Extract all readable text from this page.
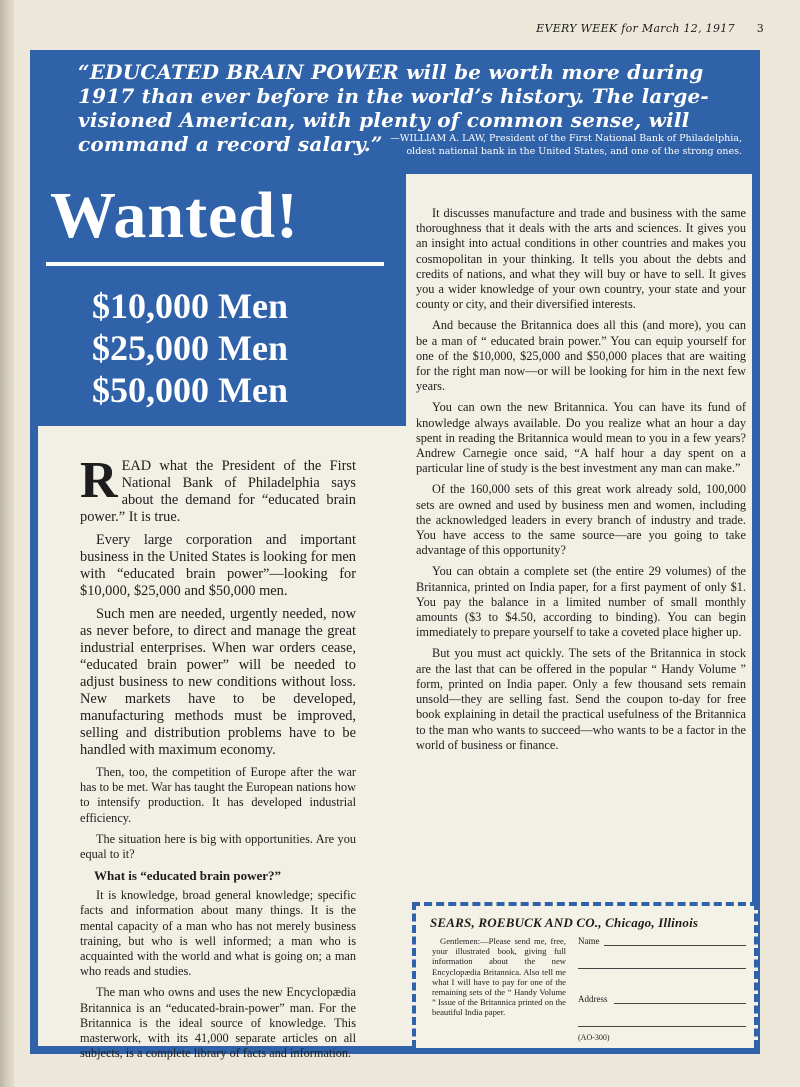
EVERY WEEK for March 12, 1917 3
“EDUCATED BRAIN POWER will be worth more during 1917 than ever before in the world’s history. The large-visioned American, with plenty of common sense, will command a record salary.” —WILLIAM A. LAW, President of the First National Bank of Philadelphia,
oldest national bank in the United States, and one of the strong ones.
Wanted!
$10,000 Men
$25,000 Men
$50,000 Men

READ what the President of the First National Bank of Philadelphia says about the demand for “educated brain power.” It is true.

Every large corporation and important business in the United States is looking for men with “educated brain power”—looking for $10,000, $25,000 and $50,000 men.

Such men are needed, urgently needed, now as never before, to direct and manage the great industrial enterprises. When war orders cease, “educated brain power” will be needed to adjust business to new conditions without loss. New markets have to be developed, manufacturing methods must be improved, selling and distribution problems have to be handled with maximum economy.

Then, too, the competition of Europe after the war has to be met. War has taught the European nations how to intensify production. It has developed industrial efficiency.

The situation here is big with opportunities. Are you equal to it?

What is “educated brain power?”

It is knowledge, broad general knowledge; specific facts and information about many things. It is the mental capacity of a man who has not merely business training, but who is well informed; a man who is acquainted with the world and what is going on; a man who reads and studies.

The man who owns and uses the new Encyclopædia Britannica is an “educated-brain-power” man. For the Britannica is the ideal source of knowledge. This masterwork, with its 41,000 separate articles on all subjects, is a complete library of facts and information.

It discusses manufacture and trade and business with the same thoroughness that it deals with the arts and sciences. It gives you an insight into actual conditions in other countries and makes you cosmopolitan in your thinking. It tells you about the debts and credits of nations, and what they will buy or have to sell. It gives you a wider knowledge of your own country, your state and your county or city, and their diversified interests.

And because the Britannica does all this (and more), you can be a man of “ educated brain power.” You can equip yourself for one of the $10,000, $25,000 and $50,000 places that are waiting for the right man now—or will be looking for him in the next few years.

You can own the new Britannica. You can have its fund of knowledge always available. Do you realize what an hour a day spent in reading the Britannica would mean to you in a few years? Andrew Carnegie once said, “A half hour a day spent on a particular line of study is the best investment any man can make.”

Of the 160,000 sets of this great work already sold, 100,000 sets are owned and used by business men and women, including the acknowledged leaders in every branch of industry and trade. You have access to the same source—are you going to take advantage of this opportunity?

You can obtain a complete set (the entire 29 volumes) of the Britannica, printed on India paper, for a first payment of only $1. You pay the balance in a limited number of small monthly amounts ($3 to $4.50, according to binding). You can begin immediately to prepare yourself to take a coveted place higher up.

But you must act quickly. The sets of the Britannica in stock are the last that can be offered in the popular “ Handy Volume ” form, printed on India paper. Only a few thousand sets remain unsold—they are selling fast. Send the coupon to-day for free book explaining in detail the practical usefulness of the Britannica to the man who wants to succeed—who wants to be a factor in the world of business or finance.

SEARS, ROEBUCK AND CO., Chicago, Illinois

Gentlemen:—Please send me, free, your illustrated book, giving full information about the new Encyclopædia Britannica. Also tell me what I will have to pay for one of the remaining sets of the “ Handy Volume ” Issue of the Britannica printed on the beautiful India paper.

Name
Address
(AO-300)
